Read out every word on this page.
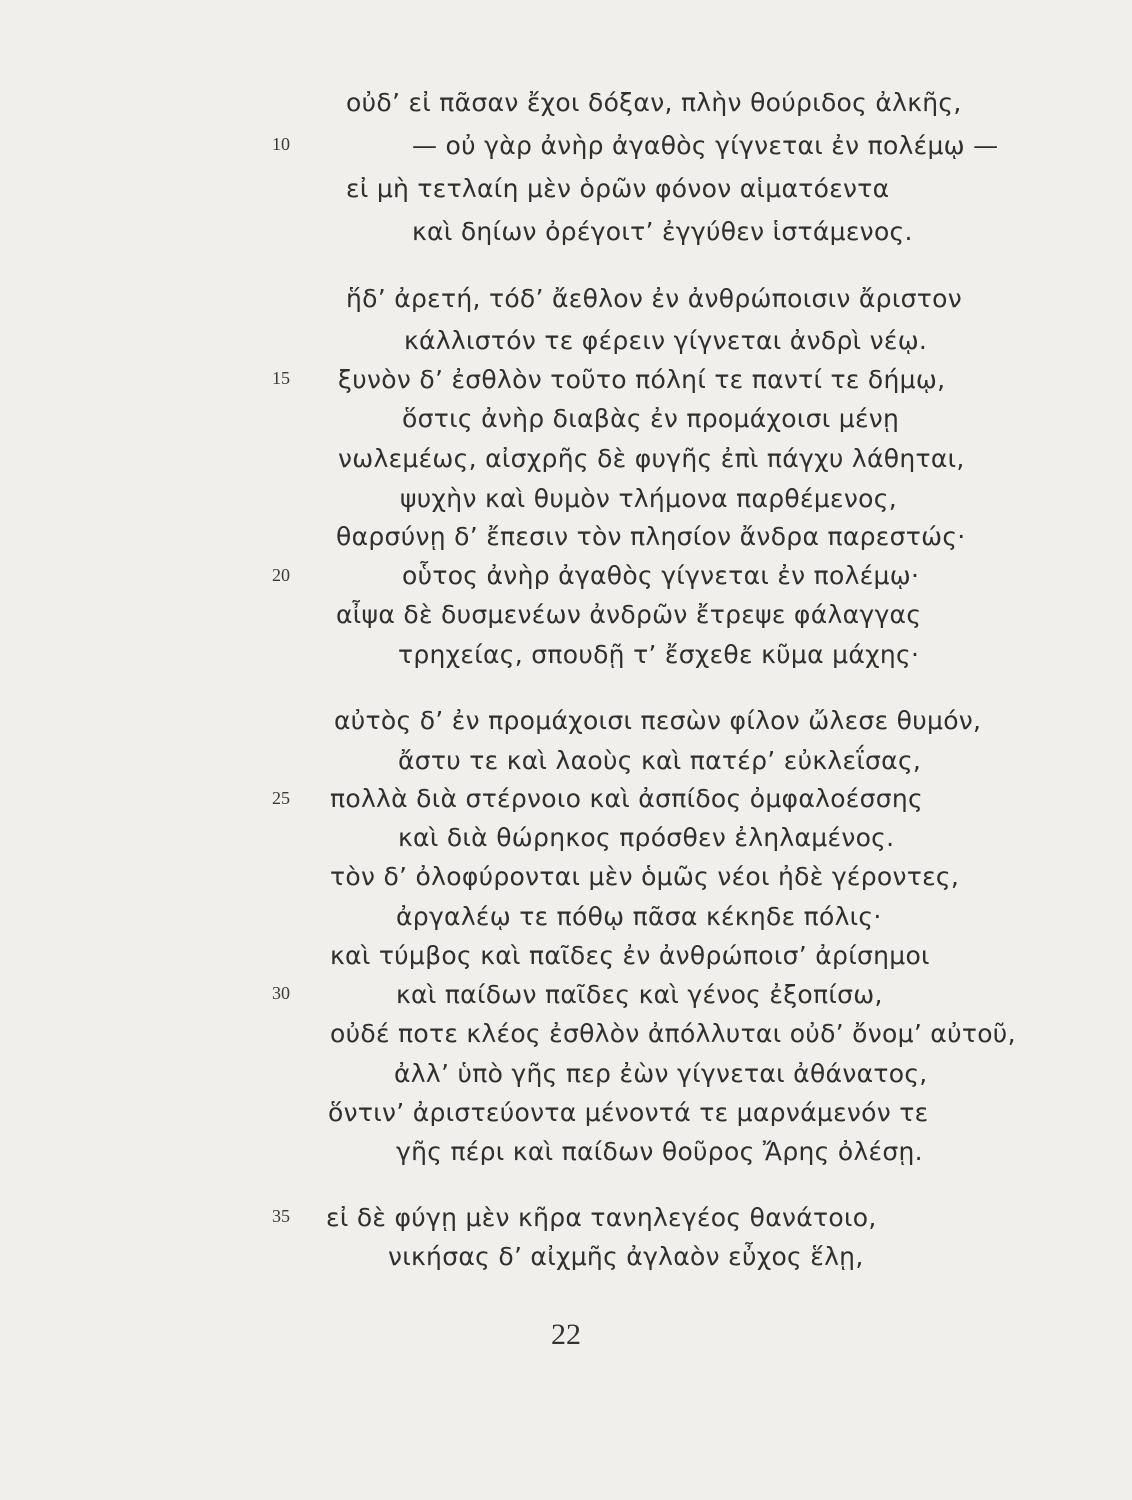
οὐδ’ εἰ πᾶσαν ἔχοι δόξαν, πλὴν θούριδος ἀλκῆς,
— οὐ γὰρ ἀνὴρ ἀγαθὸς γίγνεται ἐν πολέμῳ —
εἰ μὴ τετλαίη μὲν ὁρῶν φόνον αἱματόεντα
καὶ δηίων ὀρέγοιτ’ ἐγγύθεν ἱστάμενος.
ἥδ’ ἀρετή, τόδ’ ἄεθλον ἐν ἀνθρώποισιν ἄριστον
κάλλιστόν τε φέρειν γίγνεται ἀνδρὶ νέῳ.
ξυνὸν δ’ ἐσθλὸν τοῦτο πόληί τε παντί τε δήμῳ,
ὅστις ἀνὴρ διαβὰς ἐν προμάχοισι μένῃ
νωλεμέως, αἰσχρῆς δὲ φυγῆς ἐπὶ πάγχυ λάθηται,
ψυχὴν καὶ θυμὸν τλήμονα παρθέμενος,
θαρσύνῃ δ’ ἔπεσιν τὸν πλησίον ἄνδρα παρεστώς·
οὗτος ἀνὴρ ἀγαθὸς γίγνεται ἐν πολέμῳ·
αἶψα δὲ δυσμενέων ἀνδρῶν ἔτρεψε φάλαγγας
τρηχείας, σπουδῇ τ’ ἔσχεθε κῦμα μάχης·
αὐτὸς δ’ ἐν προμάχοισι πεσὼν φίλον ὤλεσε θυμόν,
ἄστυ τε καὶ λαοὺς καὶ πατέρ’ εὐκλεΐσας,
πολλὰ διὰ στέρνοιο καὶ ἀσπίδος ὀμφαλοέσσης
καὶ διὰ θώρηκος πρόσθεν ἐληλαμένος.
τὸν δ’ ὀλοφύρονται μὲν ὁμῶς νέοι ἠδὲ γέροντες,
ἀργαλέῳ τε πόθῳ πᾶσα κέκηδε πόλις·
καὶ τύμβος καὶ παῖδες ἐν ἀνθρώποισ’ ἀρίσημοι
καὶ παίδων παῖδες καὶ γένος ἐξοπίσω,
οὐδέ ποτε κλέος ἐσθλὸν ἀπόλλυται οὐδ’ ὄνομ’ αὐτοῦ,
ἀλλ’ ὑπὸ γῆς περ ἐὼν γίγνεται ἀθάνατος,
ὅντιν’ ἀριστεύοντα μένοντά τε μαρνάμενόν τε
γῆς πέρι καὶ παίδων θοῦρος Ἄρης ὀλέσῃ.
εἰ δὲ φύγῃ μὲν κῆρα τανηλεγέος θανάτοιο,
νικήσας δ’ αἰχμῆς ἀγλαὸν εὖχος ἕλῃ,
10
15
20
25
30
35
22
